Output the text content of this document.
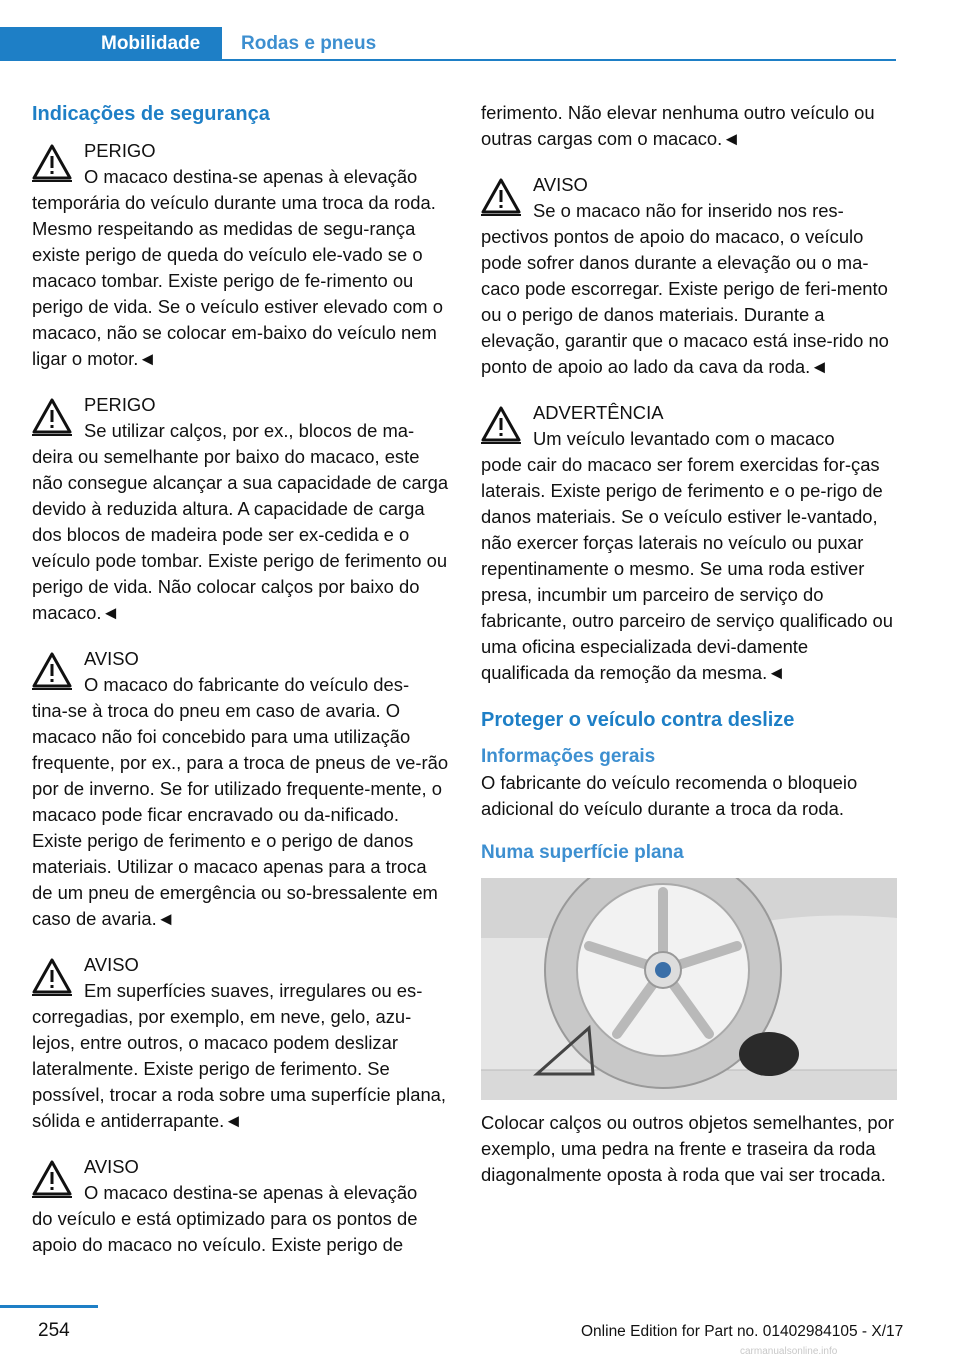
Mobilidade	Rodas e pneus
Indicações de segurança
PERIGO
O macaco destina-se apenas à elevação
temporária do veículo durante uma troca da roda. Mesmo respeitando as medidas de segu-rança existe perigo de queda do veículo ele-vado se o macaco tombar. Existe perigo de fe-rimento ou perigo de vida. Se o veículo estiver elevado com o macaco, não se colocar em-baixo do veículo nem ligar o motor.◄
PERIGO
Se utilizar calços, por ex., blocos de ma-
deira ou semelhante por baixo do macaco, este não consegue alcançar a sua capacidade de carga devido à reduzida altura. A capacidade de carga dos blocos de madeira pode ser ex-cedida e o veículo pode tombar. Existe perigo de ferimento ou perigo de vida. Não colocar calços por baixo do macaco.◄
AVISO
O macaco do fabricante do veículo des-
tina-se à troca do pneu em caso de avaria. O macaco não foi concebido para uma utilização frequente, por ex., para a troca de pneus de ve-rão por de inverno. Se for utilizado frequente-mente, o macaco pode ficar encravado ou da-nificado. Existe perigo de ferimento e o perigo de danos materiais. Utilizar o macaco apenas para a troca de um pneu de emergência ou so-bressalente em caso de avaria.◄
AVISO
Em superfícies suaves, irregulares ou es-
corregadias, por exemplo, em neve, gelo, azu-lejos, entre outros, o macaco podem deslizar lateralmente. Existe perigo de ferimento. Se possível, trocar a roda sobre uma superfície plana, sólida e antiderrapante.◄
AVISO
O macaco destina-se apenas à elevação
do veículo e está optimizado para os pontos de apoio do macaco no veículo. Existe perigo de

ferimento. Não elevar nenhuma outro veículo ou outras cargas com o macaco.◄

AVISO
Se o macaco não for inserido nos res-
pectivos pontos de apoio do macaco, o veículo pode sofrer danos durante a elevação ou o ma-caco pode escorregar. Existe perigo de feri-mento ou o perigo de danos materiais. Durante a elevação, garantir que o macaco está inse-rido no ponto de apoio ao lado da cava da roda.◄
ADVERTÊNCIA
Um veículo levantado com o macaco
pode cair do macaco ser forem exercidas for-ças laterais. Existe perigo de ferimento e o pe-rigo de danos materiais. Se o veículo estiver le-vantado, não exercer forças laterais no veículo ou puxar repentinamente o mesmo. Se uma roda estiver presa, incumbir um parceiro de serviço do fabricante, outro parceiro de serviço qualificado ou uma oficina especializada devi-damente qualificada da remoção da mesma.◄
Proteger o veículo contra deslize
Informações gerais

O fabricante do veículo recomenda o bloqueio adicional do veículo durante a troca da roda.

Numa superfície plana

Colocar calços ou outros objetos semelhantes, por exemplo, uma pedra na frente e traseira da roda diagonalmente oposta à roda que vai ser trocada.

254	Online Edition for Part no. 01402984105 - X/17
carmanualsonline.info
